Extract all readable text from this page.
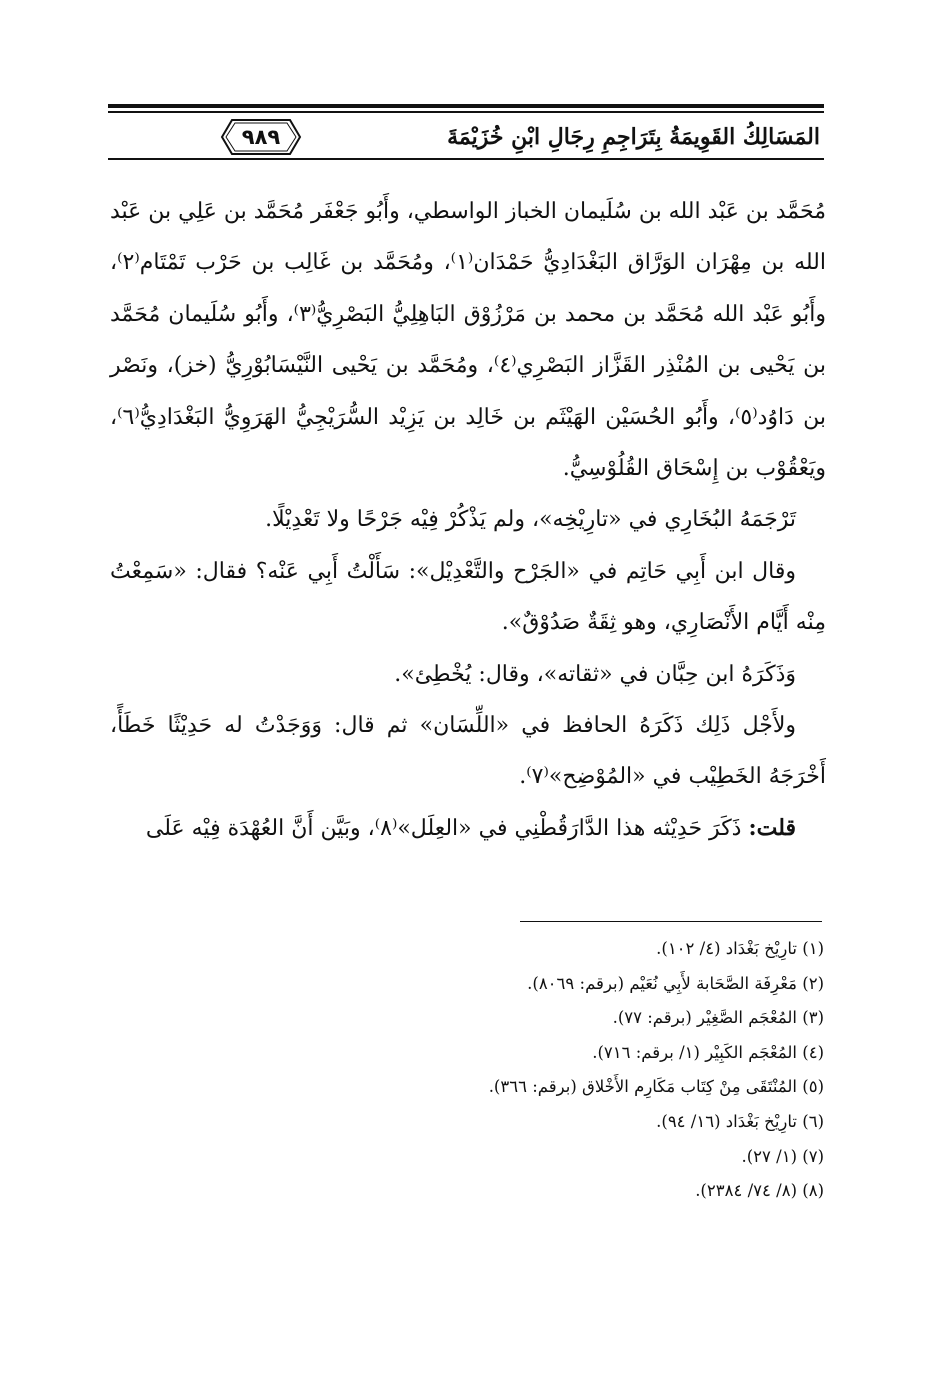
المَسَالِكُ القَوِيمَةُ بِتَرَاجِمِ رِجَالِ ابْنِ خُزَيْمَةَ
٩٨٩

مُحَمَّد بن عَبْد الله بن سُلَيمان الخباز الواسطي، وأَبُو جَعْفَر مُحَمَّد بن عَلِي بن عَبْد الله بن مِهْرَان الوَرَّاق البَغْدَادِيُّ حَمْدَان⁽١⁾، ومُحَمَّد بن غَالِب بن حَرْب تَمْتَام⁽٢⁾، وأَبُو عَبْد الله مُحَمَّد بن محمد بن مَرْزُوْق البَاهِلِيُّ البَصْرِيُّ⁽٣⁾، وأَبُو سُلَيمان مُحَمَّد بن يَحْيى بن المُنْذِر القَزَّاز البَصْرِي⁽٤⁾، ومُحَمَّد بن يَحْيى النَّيْسَابُوْرِيُّ (خز)، ونَصْر بن دَاوُد⁽٥⁾، وأَبُو الحُسَيْن الهَيْثَم بن خَالِد بن يَزِيْد السُّرَيْجِيُّ الهَرَوِيُّ البَغْدَادِيُّ⁽٦⁾، ويَعْقُوْب بن إِسْحَاق القُلُوْسِيُّ.

تَرْجَمَهُ البُخَارِي في «تارِيْخِه»، ولم يَذْكُرْ فِيْه جَرْحًا ولا تَعْدِيْلًا.

وقال ابن أَبِي حَاتِم في «الجَرْح والتَّعْدِيْل»: سَأَلْتُ أَبِي عَنْه؟ فقال: «سَمِعْتُ مِنْه أَيَّام الأَنْصَارِي، وهو ثِقَةٌ صَدُوْقٌ».

وَذَكَرَهُ ابن حِبَّان في «ثقاته»، وقال: يُخْطِئ».

ولأَجْل ذَلِك ذَكَرَهُ الحافظ في «اللِّسَان» ثم قال: وَوَجَدْتُ له حَدِيْثًا خَطَأً، أَخْرَجَهُ الخَطِيْب في «المُوْضِح»⁽٧⁾.

قلت: ذَكَرَ حَدِيْثه هذا الدَّارَقُطْنِي في «العِلَل»⁽٨⁾، وبَيَّن أَنَّ العُهْدَة فِيْه عَلَى

(١) تارِيْخ بَغْدَاد (٤/ ١٠٢).

(٢) مَعْرِفَة الصَّحَابة لأَبِي نُعَيْم (برقم: ٨٠٦٩).

(٣) المُعْجَم الصَّغِيْر (برقم: ٧٧).

(٤) المُعْجَم الكَبِيْر (١/ برقم: ٧١٦).

(٥) المُنْتَقَى مِنْ كِتَاب مَكَارِم الأَخْلاق (برقم: ٣٦٦).

(٦) تارِيْخ بَغْدَاد (١٦/ ٩٤).

(٧) (١/ ٢٧).

(٨) (٨/ ٧٤/ ٢٣٨٤).
